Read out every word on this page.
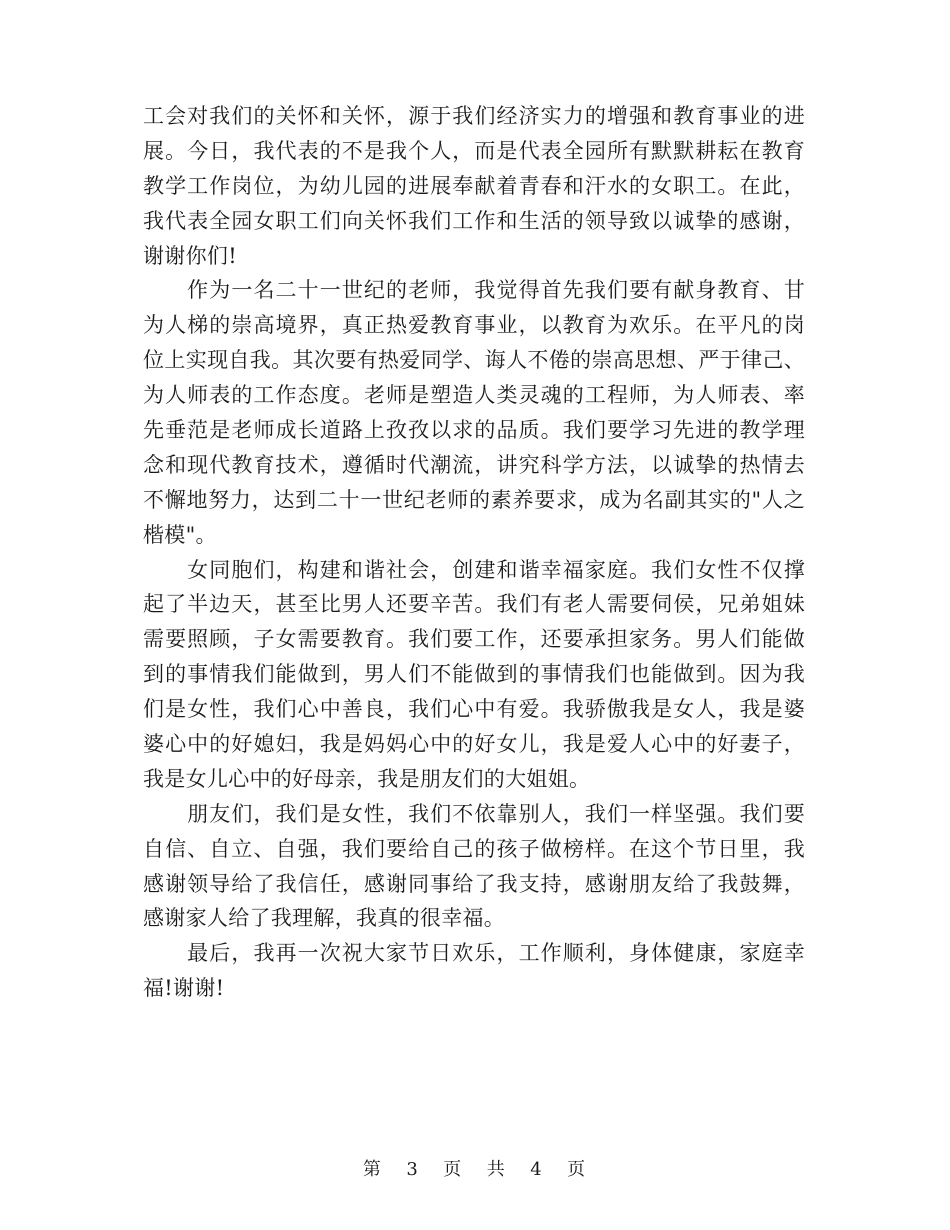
工会对我们的关怀和关怀，源于我们经济实力的增强和教育事业的进
展。今日，我代表的不是我个人，而是代表全园所有默默耕耘在教育
教学工作岗位，为幼儿园的进展奉献着青春和汗水的女职工。在此，
我代表全园女职工们向关怀我们工作和生活的领导致以诚挚的感谢，
谢谢你们!
　　作为一名二十一世纪的老师，我觉得首先我们要有献身教育、甘
为人梯的崇高境界，真正热爱教育事业，以教育为欢乐。在平凡的岗
位上实现自我。其次要有热爱同学、诲人不倦的崇高思想、严于律己、
为人师表的工作态度。老师是塑造人类灵魂的工程师，为人师表、率
先垂范是老师成长道路上孜孜以求的品质。我们要学习先进的教学理
念和现代教育技术，遵循时代潮流，讲究科学方法，以诚挚的热情去
不懈地努力，达到二十一世纪老师的素养要求，成为名副其实的"人之
楷模"。
　　女同胞们，构建和谐社会，创建和谐幸福家庭。我们女性不仅撑
起了半边天，甚至比男人还要辛苦。我们有老人需要伺侯，兄弟姐妹
需要照顾，子女需要教育。我们要工作，还要承担家务。男人们能做
到的事情我们能做到，男人们不能做到的事情我们也能做到。因为我
们是女性，我们心中善良，我们心中有爱。我骄傲我是女人，我是婆
婆心中的好媳妇，我是妈妈心中的好女儿，我是爱人心中的好妻子，
我是女儿心中的好母亲，我是朋友们的大姐姐。
　　朋友们，我们是女性，我们不依靠别人，我们一样坚强。我们要
自信、自立、自强，我们要给自己的孩子做榜样。在这个节日里，我
感谢领导给了我信任，感谢同事给了我支持，感谢朋友给了我鼓舞，
感谢家人给了我理解，我真的很幸福。
　　最后，我再一次祝大家节日欢乐，工作顺利，身体健康，家庭幸
福!谢谢!
第 3 页 共 4 页
